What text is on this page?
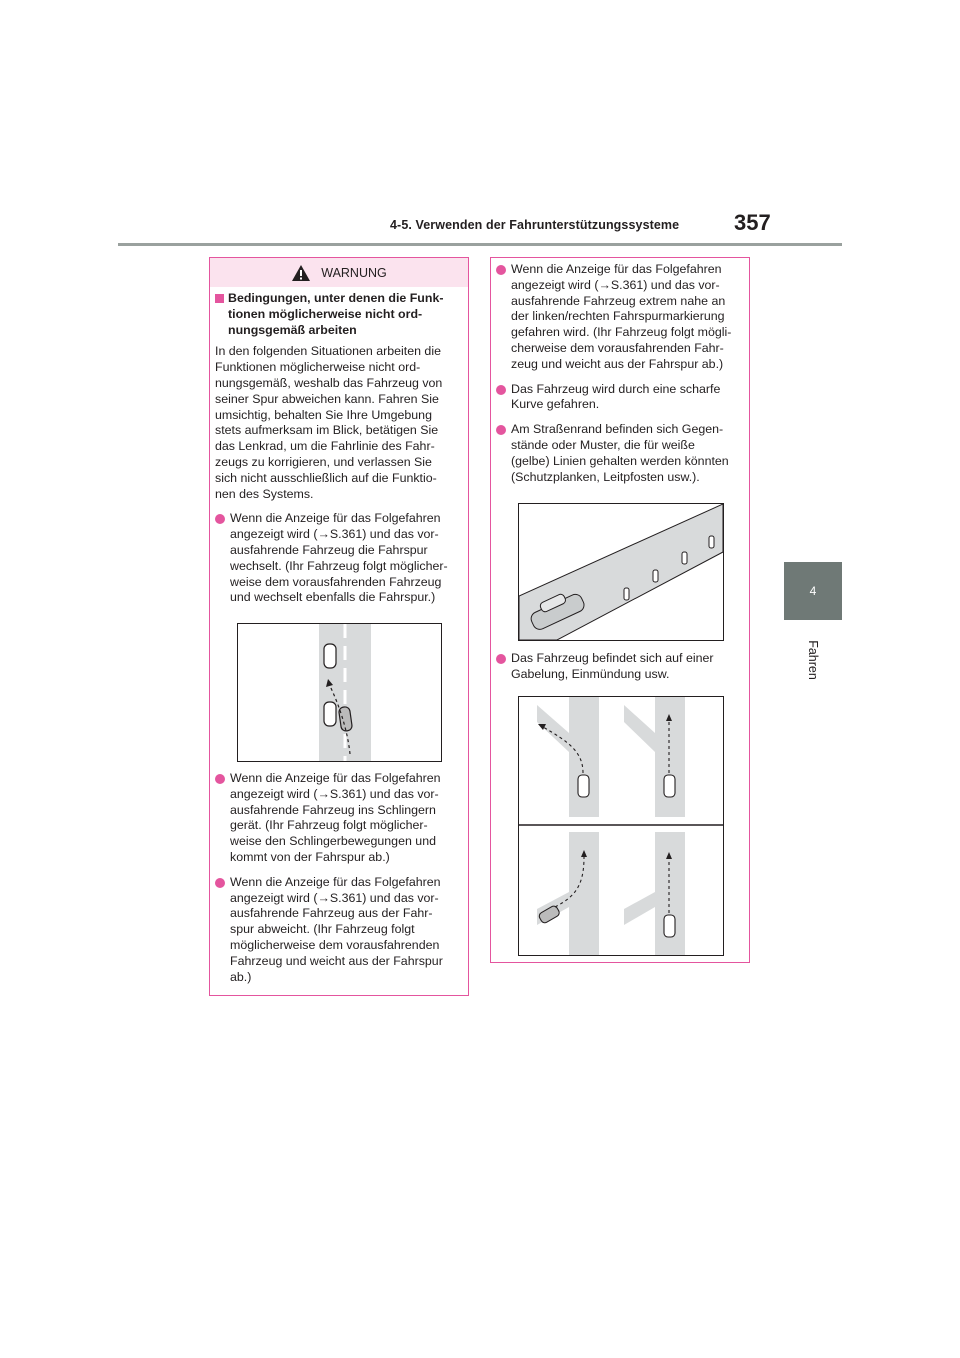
4-5. Verwenden der Fahrunterstützungssysteme 357
4
Fahren
WARNUNG

Bedingungen, unter denen die Funk-
tionen möglicherweise nicht ord-
nungsgemäß arbeiten

In den folgenden Situationen arbeiten die
Funktionen möglicherweise nicht ord-
nungsgemäß, weshalb das Fahrzeug von
seiner Spur abweichen kann. Fahren Sie
umsichtig, behalten Sie Ihre Umgebung
stets aufmerksam im Blick, betätigen Sie
das Lenkrad, um die Fahrlinie des Fahr-
zeugs zu korrigieren, und verlassen Sie
sich nicht ausschließlich auf die Funktio-
nen des Systems.

Wenn die Anzeige für das Folgefahren
angezeigt wird (→S.361) und das vor-
ausfahrende Fahrzeug die Fahrspur
wechselt. (Ihr Fahrzeug folgt möglicher-
weise dem vorausfahrenden Fahrzeug
und wechselt ebenfalls die Fahrspur.)

Wenn die Anzeige für das Folgefahren
angezeigt wird (→S.361) und das vor-
ausfahrende Fahrzeug ins Schlingern
gerät. (Ihr Fahrzeug folgt möglicher-
weise den Schlingerbewegungen und
kommt von der Fahrspur ab.)

Wenn die Anzeige für das Folgefahren
angezeigt wird (→S.361) und das vor-
ausfahrende Fahrzeug aus der Fahr-
spur abweicht. (Ihr Fahrzeug folgt
möglicherweise dem vorausfahrenden
Fahrzeug und weicht aus der Fahrspur
ab.)

Wenn die Anzeige für das Folgefahren
angezeigt wird (→S.361) und das vor-
ausfahrende Fahrzeug extrem nahe an
der linken/rechten Fahrspurmarkierung
gefahren wird. (Ihr Fahrzeug folgt mögli-
cherweise dem vorausfahrenden Fahr-
zeug und weicht aus der Fahrspur ab.)

Das Fahrzeug wird durch eine scharfe
Kurve gefahren.

Am Straßenrand befinden sich Gegen-
stände oder Muster, die für weiße
(gelbe) Linien gehalten werden könnten
(Schutzplanken, Leitpfosten usw.).

Das Fahrzeug befindet sich auf einer
Gabelung, Einmündung usw.
